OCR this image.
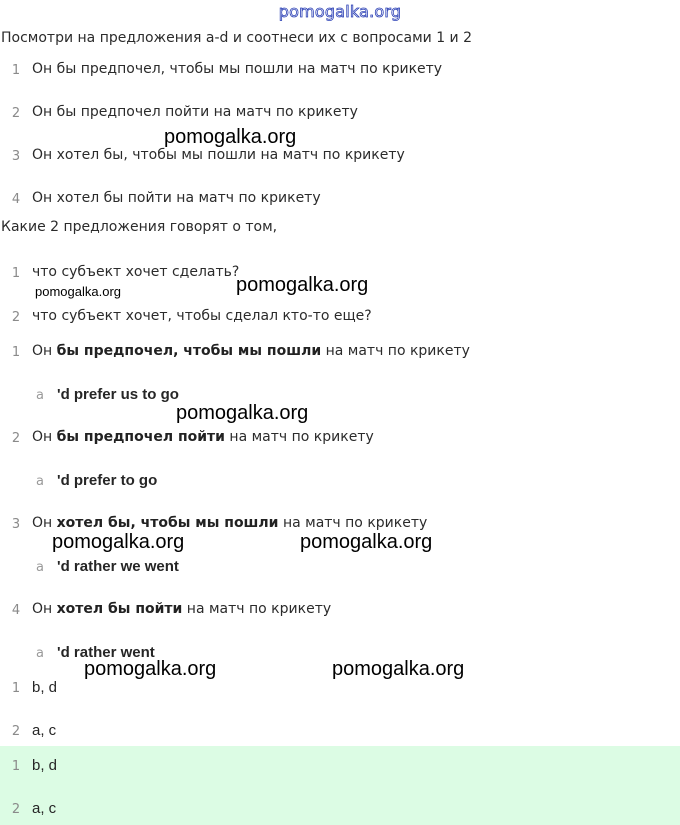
pomogalka.org
Посмотри на предложения a-d и соотнеси их с вопросами 1 и 2
1 Он бы предпочел, чтобы мы пошли на матч по крикету
2 Он бы предпочел пойти на матч по крикету
3 Он хотел бы, чтобы мы пошли на матч по крикету
4 Он хотел бы пойти на матч по крикету
Какие 2 предложения говорят о том,
1 что субъект хочет сделать?
2 что субъект хочет, чтобы сделал кто-то еще?
1 Он бы предпочел, чтобы мы пошли на матч по крикету
a 'd prefer us to go
2 Он бы предпочел пойти на матч по крикету
a 'd prefer to go
3 Он хотел бы, чтобы мы пошли на матч по крикету
a 'd rather we went
4 Он хотел бы пойти на матч по крикету
a 'd rather went
1 b, d
2 a, c
1 b, d
2 a, c
pomogalka.org
pomogalka.org
pomogalka.org
pomogalka.org
pomogalka.org	pomogalka.org
pomogalka.org	pomogalka.org
